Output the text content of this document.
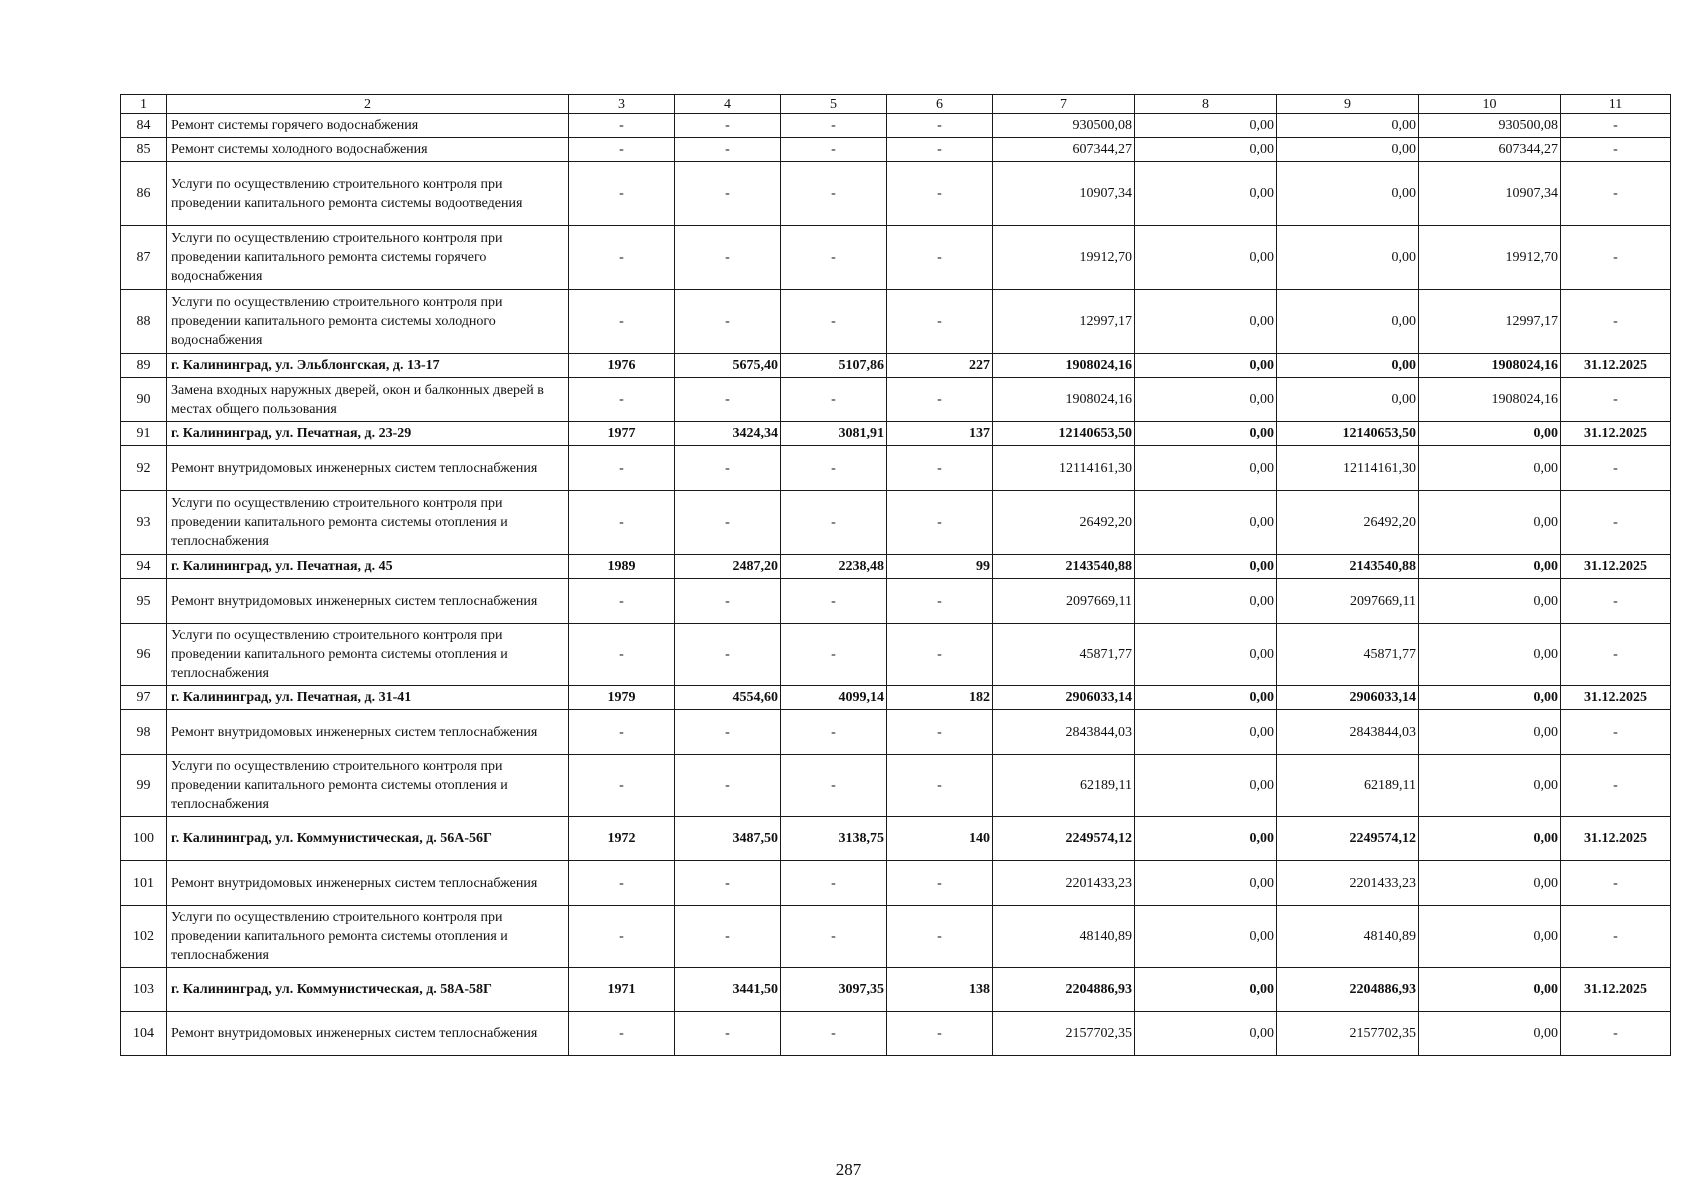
1	2	3	4	5	6	7	8	9	10	11
84	Ремонт системы горячего водоснабжения	-	-	-	-	930500,08	0,00	0,00	930500,08	-
85	Ремонт системы холодного водоснабжения	-	-	-	-	607344,27	0,00	0,00	607344,27	-
86	Услуги по осуществлению строительного контроля при проведении капитального ремонта системы водоотведения	-	-	-	-	10907,34	0,00	0,00	10907,34	-
87	Услуги по осуществлению строительного контроля при проведении капитального ремонта системы горячего водоснабжения	-	-	-	-	19912,70	0,00	0,00	19912,70	-
88	Услуги по осуществлению строительного контроля при проведении капитального ремонта системы холодного водоснабжения	-	-	-	-	12997,17	0,00	0,00	12997,17	-
89	г. Калининград, ул. Эльблонгская, д. 13-17	1976	5675,40	5107,86	227	1908024,16	0,00	0,00	1908024,16	31.12.2025
90	Замена входных наружных дверей, окон и балконных дверей в местах общего пользования	-	-	-	-	1908024,16	0,00	0,00	1908024,16	-
91	г. Калининград, ул. Печатная, д. 23-29	1977	3424,34	3081,91	137	12140653,50	0,00	12140653,50	0,00	31.12.2025
92	Ремонт внутридомовых инженерных систем теплоснабжения	-	-	-	-	12114161,30	0,00	12114161,30	0,00	-
93	Услуги по осуществлению строительного контроля при проведении капитального ремонта системы отопления и теплоснабжения	-	-	-	-	26492,20	0,00	26492,20	0,00	-
94	г. Калининград, ул. Печатная, д. 45	1989	2487,20	2238,48	99	2143540,88	0,00	2143540,88	0,00	31.12.2025
95	Ремонт внутридомовых инженерных систем теплоснабжения	-	-	-	-	2097669,11	0,00	2097669,11	0,00	-
96	Услуги по осуществлению строительного контроля при проведении капитального ремонта системы отопления и теплоснабжения	-	-	-	-	45871,77	0,00	45871,77	0,00	-
97	г. Калининград, ул. Печатная, д. 31-41	1979	4554,60	4099,14	182	2906033,14	0,00	2906033,14	0,00	31.12.2025
98	Ремонт внутридомовых инженерных систем теплоснабжения	-	-	-	-	2843844,03	0,00	2843844,03	0,00	-
99	Услуги по осуществлению строительного контроля при проведении капитального ремонта системы отопления и теплоснабжения	-	-	-	-	62189,11	0,00	62189,11	0,00	-
100	г. Калининград, ул. Коммунистическая, д. 56А-56Г	1972	3487,50	3138,75	140	2249574,12	0,00	2249574,12	0,00	31.12.2025
101	Ремонт внутридомовых инженерных систем теплоснабжения	-	-	-	-	2201433,23	0,00	2201433,23	0,00	-
102	Услуги по осуществлению строительного контроля при проведении капитального ремонта системы отопления и теплоснабжения	-	-	-	-	48140,89	0,00	48140,89	0,00	-
103	г. Калининград, ул. Коммунистическая, д. 58А-58Г	1971	3441,50	3097,35	138	2204886,93	0,00	2204886,93	0,00	31.12.2025
104	Ремонт внутридомовых инженерных систем теплоснабжения	-	-	-	-	2157702,35	0,00	2157702,35	0,00	-
287
